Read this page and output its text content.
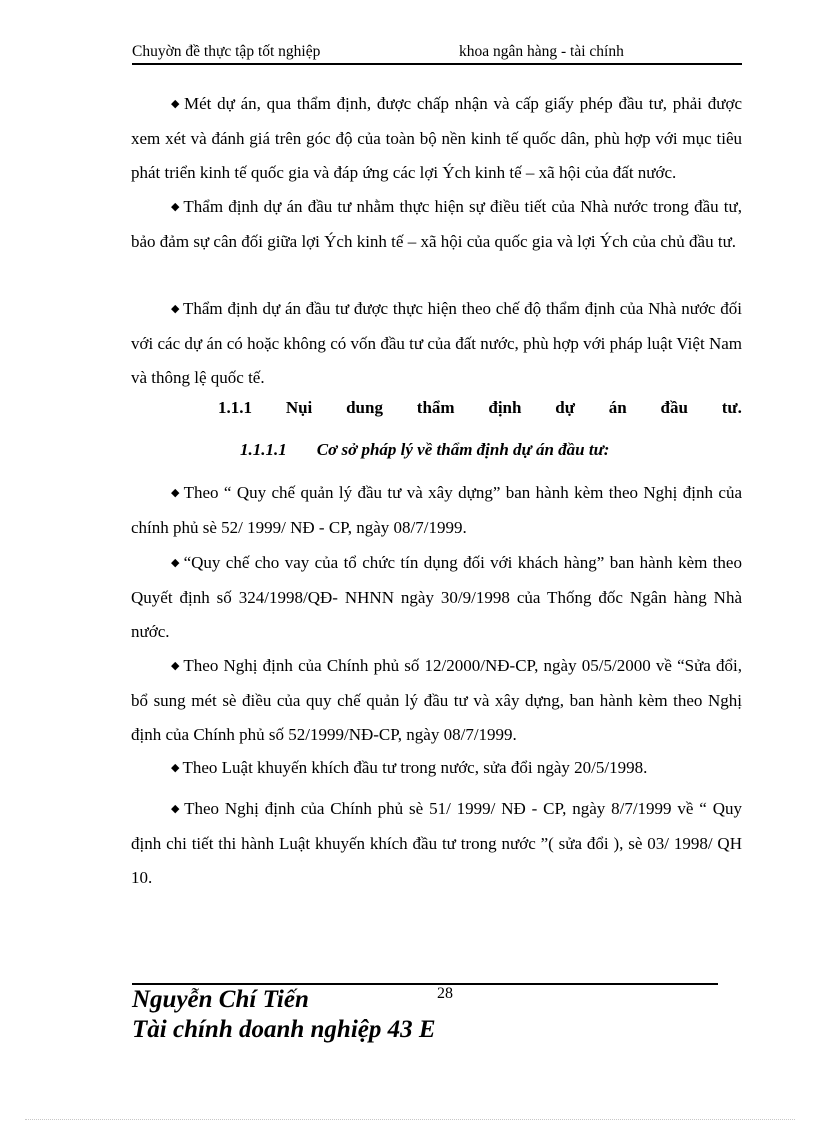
Chuyờn đề thực tập tốt nghiệp	khoa ngân hàng - tài chính
◆ Mét dự án, qua thẩm định, được chấp nhận và cấp giấy phép đầu tư, phải được xem xét và đánh giá trên góc độ của toàn bộ nền kinh tế quốc dân, phù hợp với mục tiêu phát triển kinh tế quốc gia và đáp ứng các lợi Ých kinh tế – xã hội của đất nước.
◆ Thẩm định dự án đầu tư nhằm thực hiện sự điều tiết của Nhà nước trong đầu tư, bảo đảm sự cân đối giữa lợi Ých kinh tế – xã hội của quốc gia và lợi Ých của chủ đầu tư.
◆ Thẩm định dự án đầu tư được thực hiện theo chế độ thẩm định của Nhà nước đối với các dự án có hoặc không có vốn đầu tư của đất nước, phù hợp với pháp luật Việt Nam và thông lệ quốc tế.
1.1.1 Nụi dung thẩm định dự án đầu tư.
1.1.1.1 Cơ sở pháp lý về thẩm định dự án đầu tư:
◆ Theo “ Quy chế quản lý đầu tư và xây dựng” ban hành kèm theo Nghị định của chính phủ sè 52/ 1999/ NĐ - CP, ngày 08/7/1999.
◆ “Quy chế cho vay của tổ chức tín dụng đối với khách hàng” ban hành kèm theo Quyết định số 324/1998/QĐ- NHNN ngày 30/9/1998 của Thống đốc Ngân hàng Nhà nước.
◆ Theo Nghị định của Chính phủ số 12/2000/NĐ-CP, ngày 05/5/2000 về “Sửa đổi, bổ sung mét sè điều của quy chế quản lý đầu tư và xây dựng, ban hành kèm theo Nghị định của Chính phủ số 52/1999/NĐ-CP, ngày 08/7/1999.
◆ Theo Luật khuyến khích đầu tư trong nước, sửa đổi ngày 20/5/1998.
◆ Theo Nghị định của Chính phủ sè 51/ 1999/ NĐ - CP, ngày 8/7/1999 về “ Quy định chi tiết thi hành Luật khuyến khích đầu tư trong nước ”( sửa đổi ), sè 03/ 1998/ QH 10.
28
Nguyễn Chí Tiến
Tài chính doanh nghiệp 43 E
